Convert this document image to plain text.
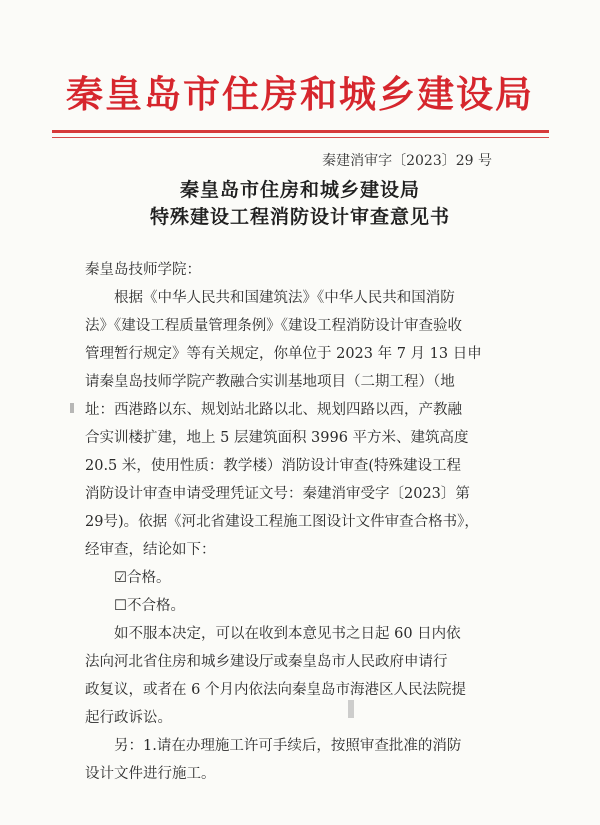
秦皇岛市住房和城乡建设局
秦建消审字〔2023〕29 号
秦皇岛市住房和城乡建设局
特殊建设工程消防设计审查意见书

秦皇岛技师学院：

根据《中华人民共和国建筑法》《中华人民共和国消防
法》《建设工程质量管理条例》《建设工程消防设计审查验收
管理暂行规定》等有关规定，你单位于 2023 年 7 月 13 日申
请秦皇岛技师学院产教融合实训基地项目（二期工程）（地
址：西港路以东、规划站北路以北、规划四路以西，产教融
合实训楼扩建，地上 5 层建筑面积 3996 平方米、建筑高度
20.5 米，使用性质：教学楼）消防设计审查(特殊建设工程
消防设计审查申请受理凭证文号：秦建消审受字〔2023〕第
29号)。依据《河北省建设工程施工图设计文件审查合格书》，
经审查，结论如下：

☑合格。

☐不合格。

如不服本决定，可以在收到本意见书之日起 60 日内依
法向河北省住房和城乡建设厅或秦皇岛市人民政府申请行
政复议，或者在 6 个月内依法向秦皇岛市海港区人民法院提
起行政诉讼。

另：1.请在办理施工许可手续后，按照审查批准的消防
设计文件进行施工。
